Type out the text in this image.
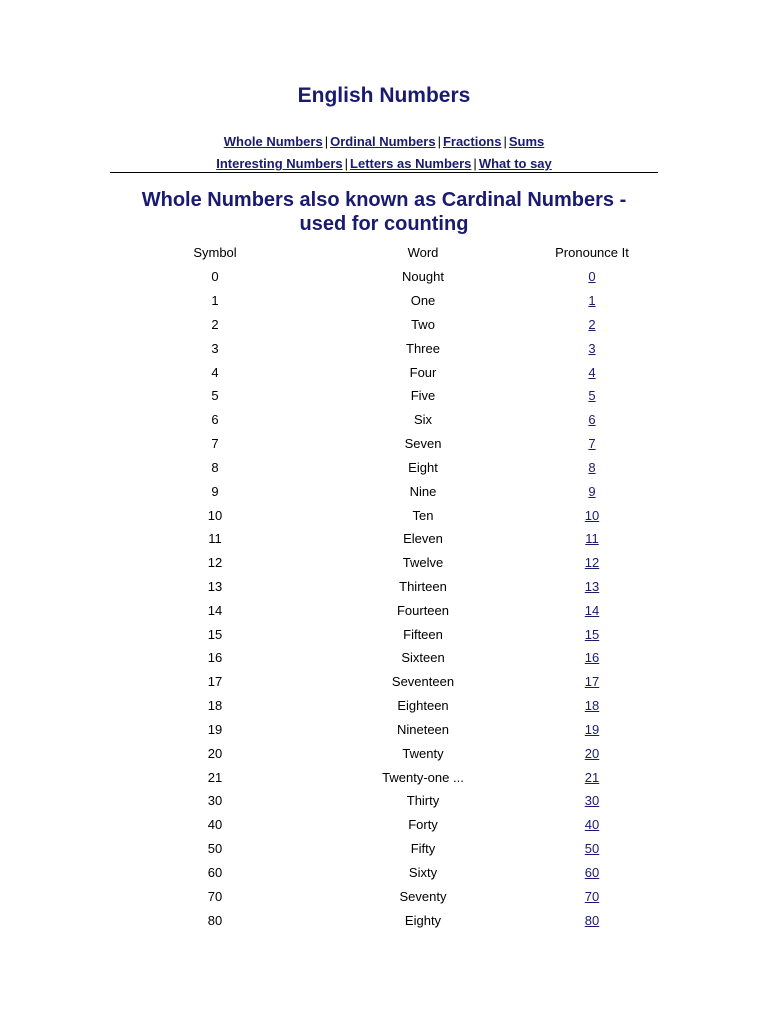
English Numbers
Whole Numbers | Ordinal Numbers | Fractions | Sums
Interesting Numbers | Letters as Numbers | What to say
Whole Numbers also known as Cardinal Numbers -
used for counting
Symbol	Word	Pronounce It
0	Nought	0
1	One	1
2	Two	2
3	Three	3
4	Four	4
5	Five	5
6	Six	6
7	Seven	7
8	Eight	8
9	Nine	9
10	Ten	10
11	Eleven	11
12	Twelve	12
13	Thirteen	13
14	Fourteen	14
15	Fifteen	15
16	Sixteen	16
17	Seventeen	17
18	Eighteen	18
19	Nineteen	19
20	Twenty	20
21	Twenty-one ...	21
30	Thirty	30
40	Forty	40
50	Fifty	50
60	Sixty	60
70	Seventy	70
80	Eighty	80
